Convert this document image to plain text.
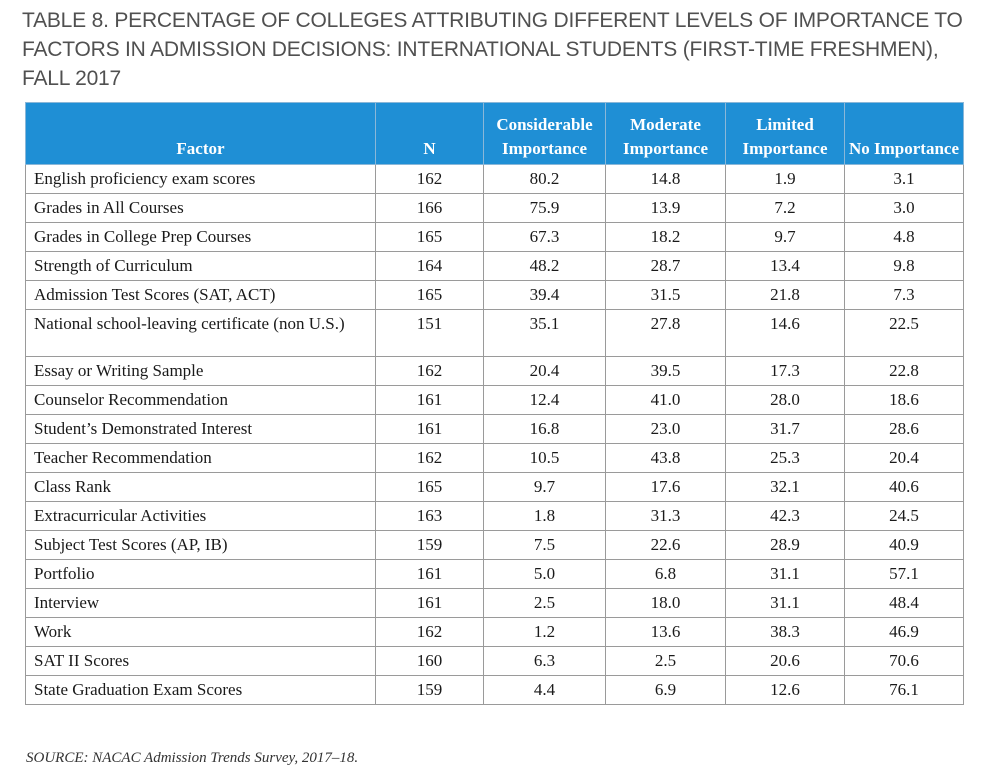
TABLE 8. PERCENTAGE OF COLLEGES ATTRIBUTING DIFFERENT LEVELS OF IMPORTANCE TO FACTORS IN ADMISSION DECISIONS: INTERNATIONAL STUDENTS (FIRST-TIME FRESHMEN), FALL 2017
Factor	N	Considerable Importance	Moderate Importance	Limited Importance	No Importance
English proficiency exam scores	162	80.2	14.8	1.9	3.1
Grades in All Courses	166	75.9	13.9	7.2	3.0
Grades in College Prep Courses	165	67.3	18.2	9.7	4.8
Strength of Curriculum	164	48.2	28.7	13.4	9.8
Admission Test Scores (SAT, ACT)	165	39.4	31.5	21.8	7.3
National school-leaving certificate (non U.S.)	151	35.1	27.8	14.6	22.5
Essay or Writing Sample	162	20.4	39.5	17.3	22.8
Counselor Recommendation	161	12.4	41.0	28.0	18.6
Student’s Demonstrated Interest	161	16.8	23.0	31.7	28.6
Teacher Recommendation	162	10.5	43.8	25.3	20.4
Class Rank	165	9.7	17.6	32.1	40.6
Extracurricular Activities	163	1.8	31.3	42.3	24.5
Subject Test Scores (AP, IB)	159	7.5	22.6	28.9	40.9
Portfolio	161	5.0	6.8	31.1	57.1
Interview	161	2.5	18.0	31.1	48.4
Work	162	1.2	13.6	38.3	46.9
SAT II Scores	160	6.3	2.5	20.6	70.6
State Graduation Exam Scores	159	4.4	6.9	12.6	76.1
SOURCE: NACAC Admission Trends Survey, 2017–18.
